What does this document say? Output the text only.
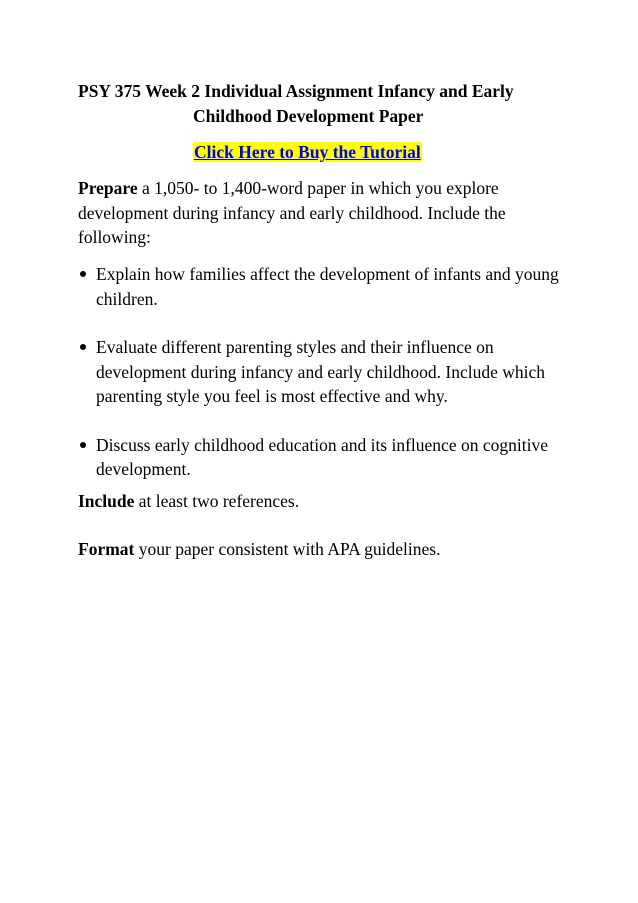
PSY 375 Week 2 Individual Assignment Infancy and Early
Childhood Development Paper
Click Here to Buy the Tutorial

Prepare a 1,050- to 1,400-word paper in which you explore development during infancy and early childhood. Include the following:

Explain how families affect the development of infants and young children.
Evaluate different parenting styles and their influence on development during infancy and early childhood. Include which parenting style you feel is most effective and why.
Discuss early childhood education and its influence on cognitive development.

Include at least two references.

Format your paper consistent with APA guidelines.
